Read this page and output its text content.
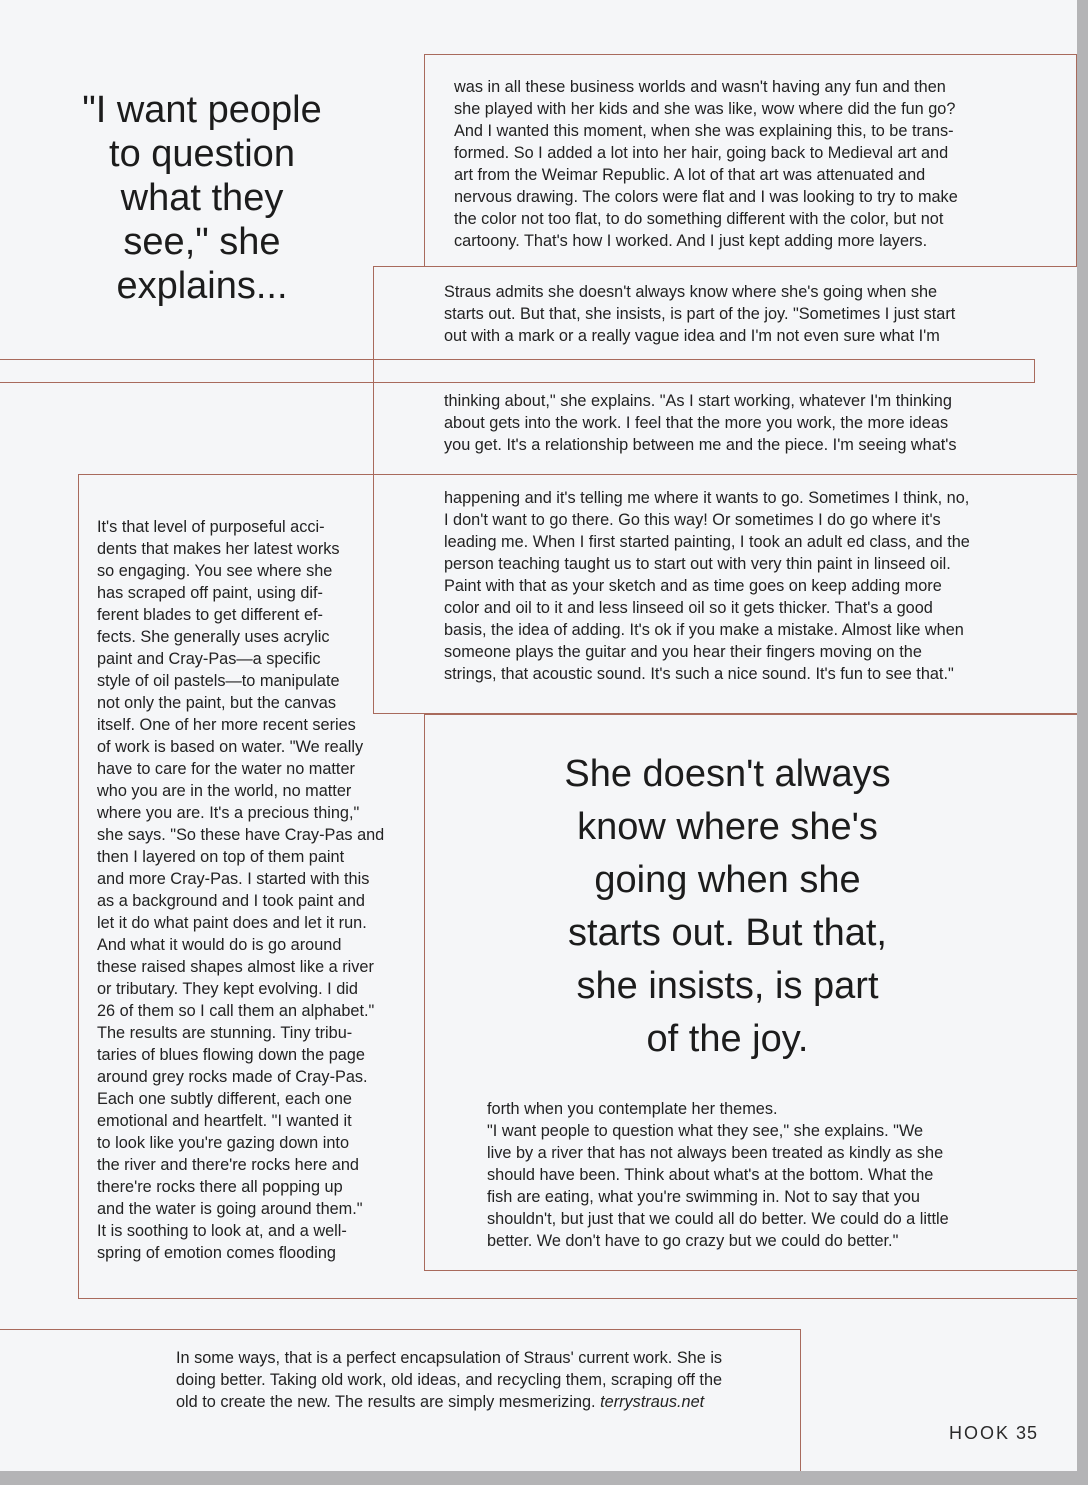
"I want people
to question
what they
see," she
explains...
was in all these business worlds and wasn't having any fun and then
she played with her kids and she was like, wow where did the fun go?
And I wanted this moment, when she was explaining this, to be trans-
formed. So I added a lot into her hair, going back to Medieval art and
art from the Weimar Republic. A lot of that art was attenuated and
nervous drawing. The colors were flat and I was looking to try to make
the color not too flat, to do something different with the color, but not
cartoony. That's how I worked. And I just kept adding more layers.
Straus admits she doesn't always know where she's going when she
starts out. But that, she insists, is part of the joy. "Sometimes I just start
out with a mark or a really vague idea and I'm not even sure what I'm
thinking about," she explains. "As I start working, whatever I'm thinking
about gets into the work. I feel that the more you work, the more ideas
you get. It's a relationship between me and the piece. I'm seeing what's
happening and it's telling me where it wants to go. Sometimes I think, no,
I don't want to go there. Go this way! Or sometimes I do go where it's
leading me. When I first started painting, I took an adult ed class, and the
person teaching taught us to start out with very thin paint in linseed oil.
Paint with that as your sketch and as time goes on keep adding more
color and oil to it and less linseed oil so it gets thicker. That's a good
basis, the idea of adding. It's ok if you make a mistake. Almost like when
someone plays the guitar and you hear their fingers moving on the
strings, that acoustic sound. It's such a nice sound. It's fun to see that."
It's that level of purposeful acci-
dents that makes her latest works
so engaging. You see where she
has scraped off paint, using dif-
ferent blades to get different ef-
fects. She generally uses acrylic
paint and Cray-Pas—a specific
style of oil pastels—to manipulate
not only the paint, but the canvas
itself. One of her more recent series
of work is based on water. "We really
have to care for the water no matter
who you are in the world, no matter
where you are. It's a precious thing,"
she says. "So these have Cray-Pas and
then I layered on top of them paint
and more Cray-Pas. I started with this
as a background and I took paint and
let it do what paint does and let it run.
And what it would do is go around
these raised shapes almost like a river
or tributary. They kept evolving. I did
26 of them so I call them an alphabet."
The results are stunning. Tiny tribu-
taries of blues flowing down the page
around grey rocks made of Cray-Pas.
Each one subtly different, each one
emotional and heartfelt. "I wanted it
to look like you're gazing down into
the river and there're rocks here and
there're rocks there all popping up
and the water is going around them."
It is soothing to look at, and a well-
spring of emotion comes flooding
She doesn't always
know where she's
going when she
starts out. But that,
she insists, is part
of the joy.
forth when you contemplate her themes.
"I want people to question what they see," she explains. "We
live by a river that has not always been treated as kindly as she
should have been. Think about what's at the bottom. What the
fish are eating, what you're swimming in. Not to say that you
shouldn't, but just that we could all do better. We could do a little
better. We don't have to go crazy but we could do better."
In some ways, that is a perfect encapsulation of Straus' current work. She is
doing better. Taking old work, old ideas, and recycling them, scraping off the
old to create the new. The results are simply mesmerizing. terrystraus.net
HOOK 35
